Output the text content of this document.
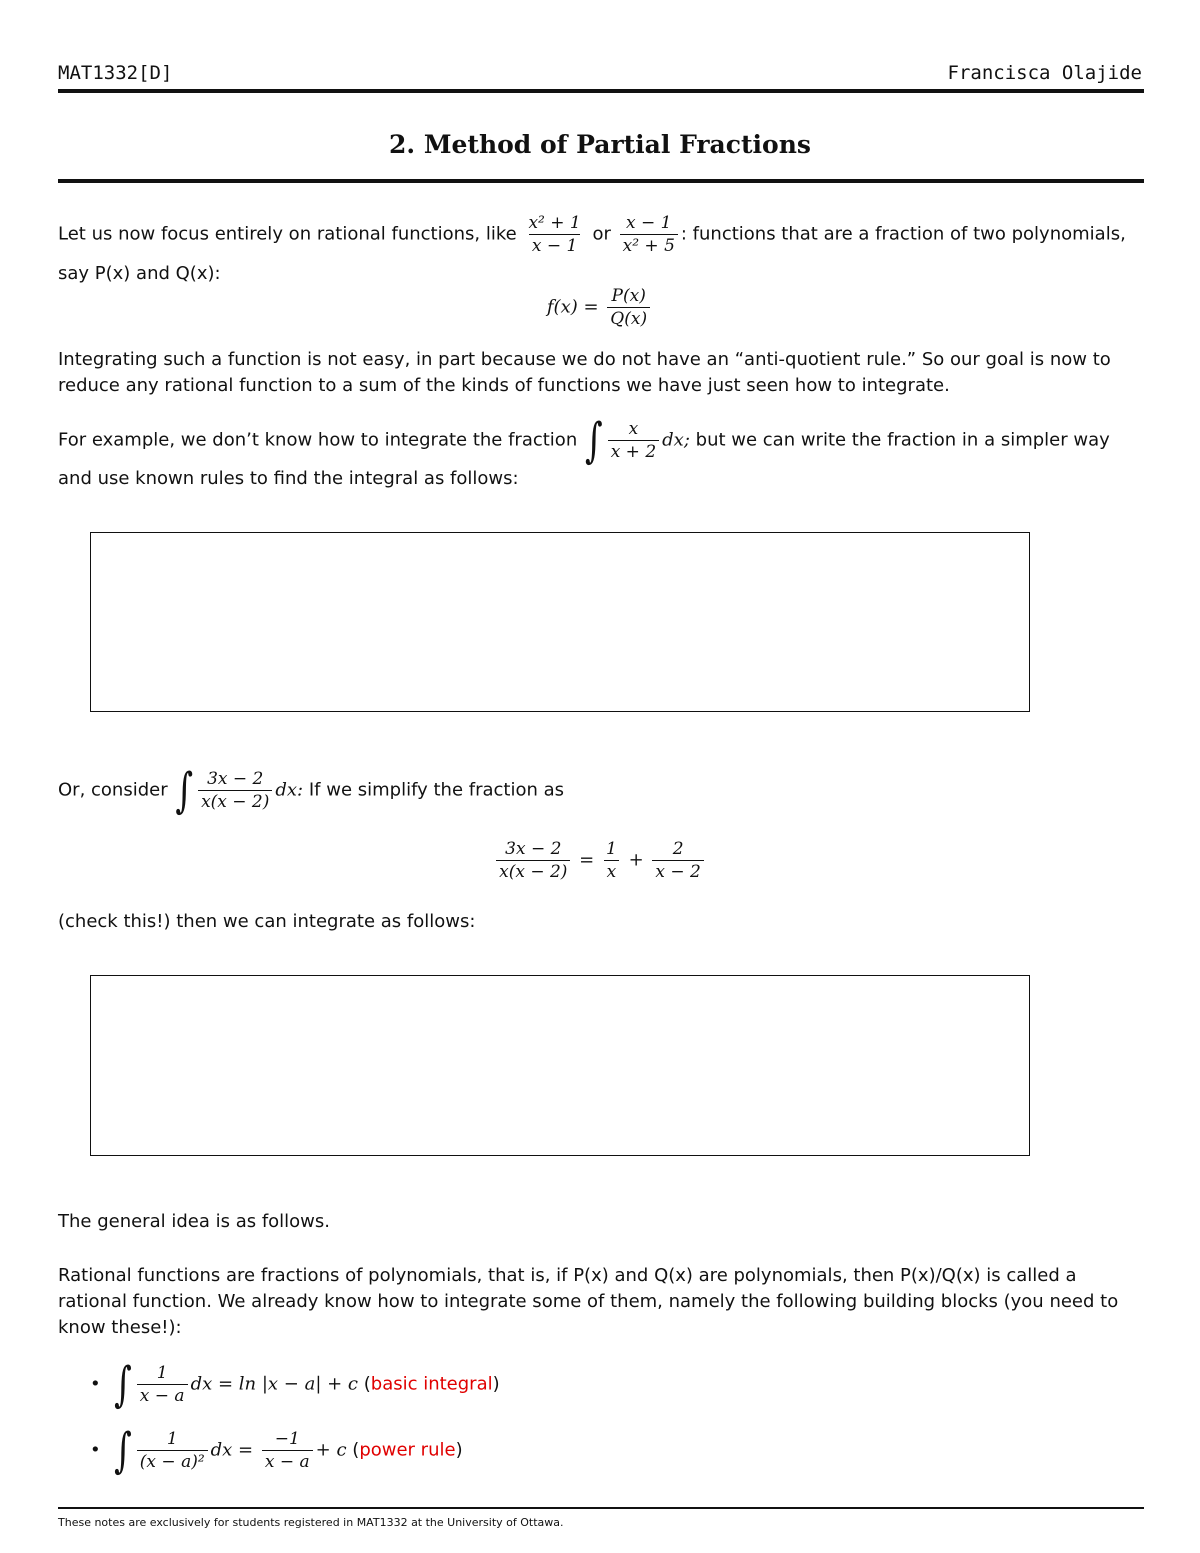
MAT1332[D]	Francisca Olajide
2. Method of Partial Fractions
Let us now focus entirely on rational functions, like $\frac{\text{x² + 1}}{x - 1}$ or $\frac{x - 1}{\text{x² + 5}}$ : functions that are a fraction of two polynomials,
say P(x) and Q(x):
$f(x) = \frac{P(x)}{Q(x)}$
Integrating such a function is not easy, in part because we do not have an “anti-quotient rule.” So our goal is now to reduce any rational function to a sum of the kinds of functions we have just seen how to integrate.
For example, we don’t know how to integrate the fraction ∫ $\frac{x}{x + 2}$ dx; but we can write the fraction in a simpler way
and use known rules to find the integral as follows:
Or, consider ∫ $\frac{3x - 2}{x(x - 2)}$ dx: If we simplify the fraction as
$\frac{3x - 2}{x(x - 2)} = \frac{1}{x} + \frac{2}{x - 2}$
(check this!) then we can integrate as follows:
The general idea is as follows.
Rational functions are fractions of polynomials, that is, if P(x) and Q(x) are polynomials, then P(x)/Q(x) is called a rational function. We already know how to integrate some of them, namely the following building blocks (you need to know these!):
• ∫ $\frac{1}{x - a}$ dx = ln |x − a| + c (basic integral)
• ∫ $\frac{1}{\text{(x − a)²}}$ dx = $\frac{-1}{x - a} + c$ (power rule)
These notes are exclusively for students registered in MAT1332 at the University of Ottawa.
